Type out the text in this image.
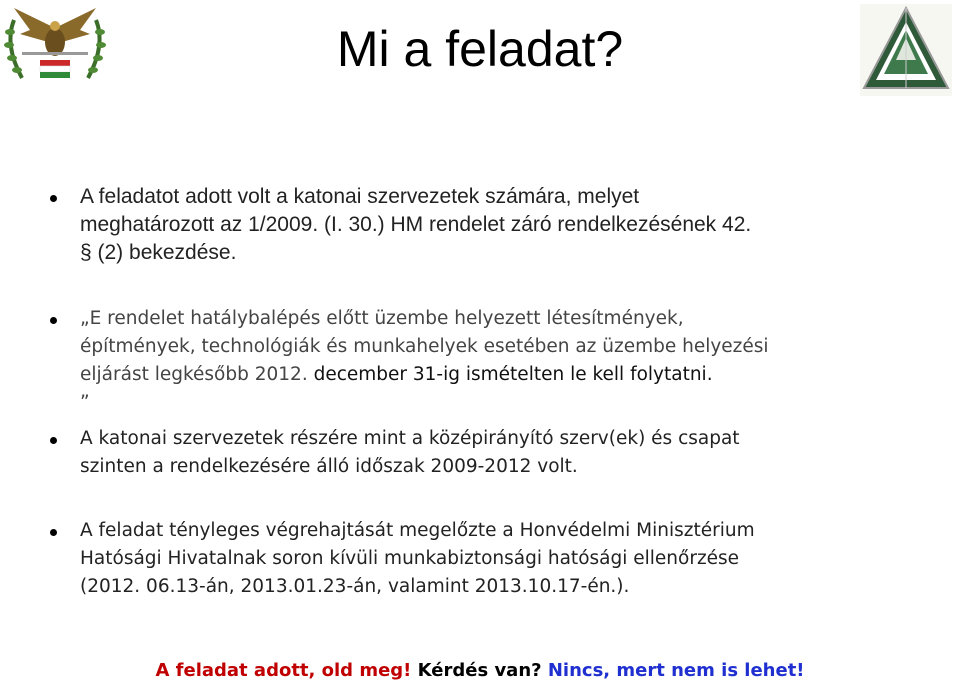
Mi a feladat?
A feladatot adott volt a katonai szervezetek számára, melyet
meghatározott az 1/2009. (I. 30.) HM rendelet záró rendelkezésének 42.
§ (2) bekezdése.
„E rendelet hatálybalépés előtt üzembe helyezett létesítmények,
építmények, technológiák és munkahelyek esetében az üzembe helyezési
eljárást legkésőbb 2012. december 31-ig ismételten le kell folytatni.
”
A katonai szervezetek részére mint a középirányító szerv(ek) és csapat
szinten a rendelkezésére álló időszak 2009-2012 volt.
A feladat tényleges végrehajtását megelőzte a Honvédelmi Minisztérium
Hatósági Hivatalnak soron kívüli munkabiztonsági hatósági ellenőrzése
(2012. 06.13-án, 2013.01.23-án, valamint 2013.10.17-én.).
A feladat adott, old meg! Kérdés van? Nincs, mert nem is lehet!
